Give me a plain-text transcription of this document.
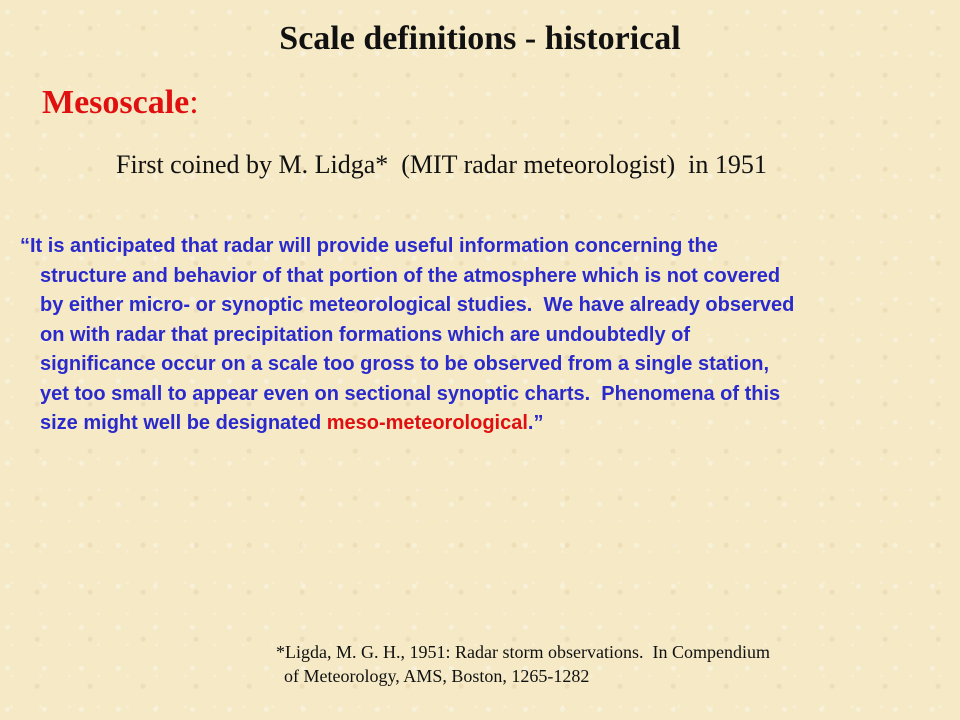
Scale definitions - historical
Mesoscale:
First coined by M. Lidga*  (MIT radar meteorologist)  in 1951
“It is anticipated that radar will provide useful information concerning the
structure and behavior of that portion of the atmosphere which is not covered
by either micro- or synoptic meteorological studies.  We have already observed
on with radar that precipitation formations which are undoubtedly of
significance occur on a scale too gross to be observed from a single station,
yet too small to appear even on sectional synoptic charts.  Phenomena of this
size might well be designated meso-meteorological.”
*Ligda, M. G. H., 1951: Radar storm observations.  In Compendium
of Meteorology, AMS, Boston, 1265-1282
